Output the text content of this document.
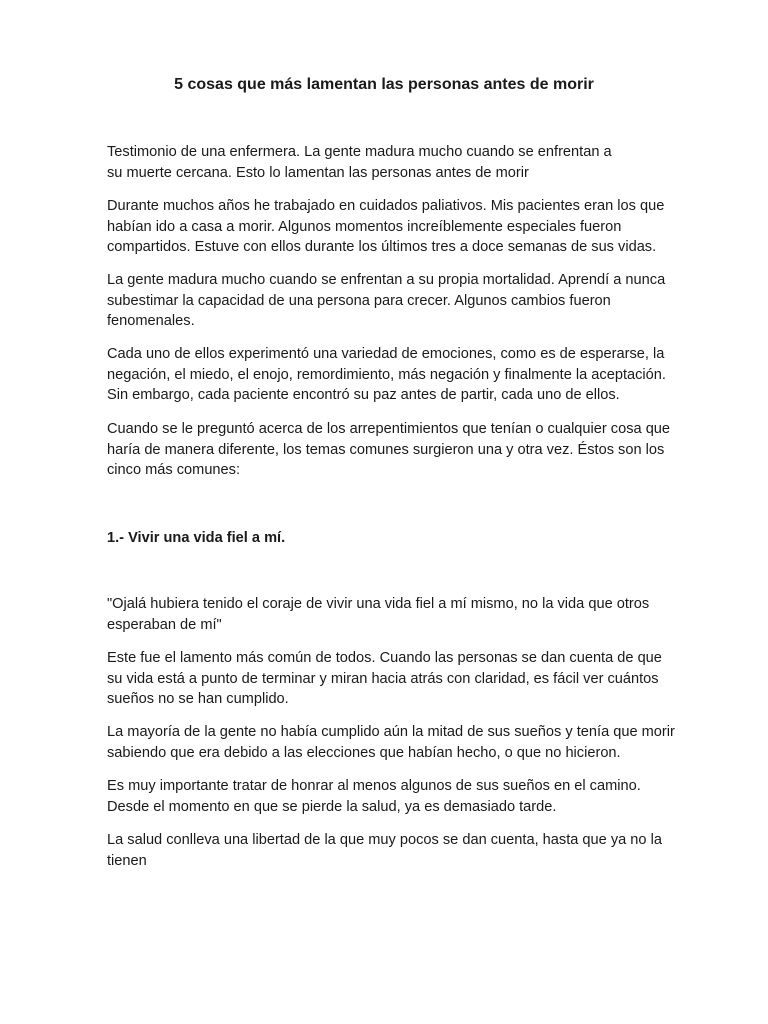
5 cosas que más lamentan las personas antes de morir

Testimonio de una enfermera. La gente madura mucho cuando se enfrentan a
su muerte cercana. Esto lo lamentan las personas antes de morir

Durante muchos años he trabajado en cuidados paliativos. Mis pacientes eran los que
habían ido a casa a morir. Algunos momentos increíblemente especiales fueron
compartidos. Estuve con ellos durante los últimos tres a doce semanas de sus vidas.

La gente madura mucho cuando se enfrentan a su propia mortalidad. Aprendí a nunca
subestimar la capacidad de una persona para crecer. Algunos cambios fueron
fenomenales.

Cada uno de ellos experimentó una variedad de emociones, como es de esperarse, la
negación, el miedo, el enojo, remordimiento, más negación y finalmente la aceptación.
Sin embargo, cada paciente encontró su paz antes de partir, cada uno de ellos.

Cuando se le preguntó acerca de los arrepentimientos que tenían o cualquier cosa que
haría de manera diferente, los temas comunes surgieron una y otra vez. Éstos son los
cinco más comunes:

1.- Vivir una vida fiel a mí.

"Ojalá hubiera tenido el coraje de vivir una vida fiel a mí mismo, no la vida que otros
esperaban de mí"

Este fue el lamento más común de todos. Cuando las personas se dan cuenta de que
su vida está a punto de terminar y miran hacia atrás con claridad, es fácil ver cuántos
sueños no se han cumplido.

La mayoría de la gente no había cumplido aún la mitad de sus sueños y tenía que morir
sabiendo que era debido a las elecciones que habían hecho, o que no hicieron.

Es muy importante tratar de honrar al menos algunos de sus sueños en el camino.
Desde el momento en que se pierde la salud, ya es demasiado tarde.

La salud conlleva una libertad de la que muy pocos se dan cuenta, hasta que ya no la
tienen
